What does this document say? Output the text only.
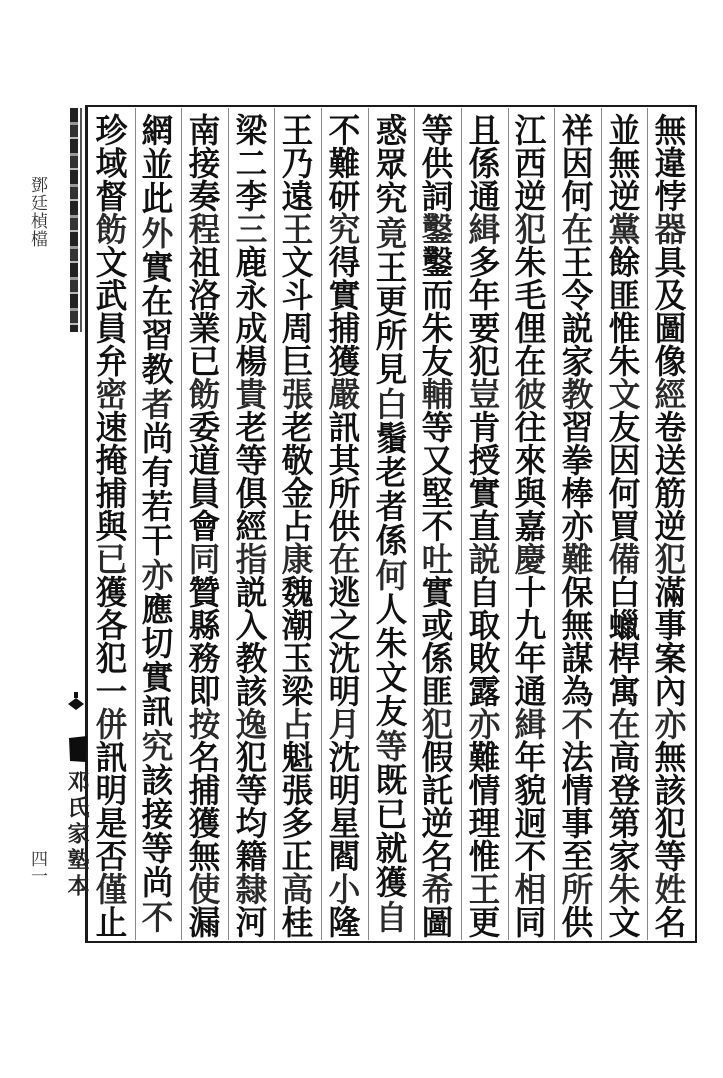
鄧廷楨檔
四一
無
違
悖
器
具
及
圖
像
經
卷
送
筋
逆
犯
滿
事
案
內
亦
無
該
犯
等
姓
名
並
無
逆
黨
餘
匪
惟
朱
文
友
因
何
買
備
白
蠟
桿
寓
在
高
登
第
家
朱
文
祥
因
何
在
王
令
説
家
教
習
拳
棒
亦
難
保
無
謀
為
不
法
情
事
至
所
供
江
西
逆
犯
朱
毛
俚
在
彼
往
來
與
嘉
慶
十
九
年
通
緝
年
貌
迥
不
相
同
且
係
通
緝
多
年
要
犯
豈
肯
授
實
直
説
自
取
敗
露
亦
難
情
理
惟
王
更
等
供
詞
鑿
鑿
而
朱
友
輔
等
又
堅
不
吐
實
或
係
匪
犯
假
託
逆
名
希
圖
惑
眾
究
竟
王
更
所
見
白
鬚
老
者
係
何
人
朱
文
友
等
既
已
就
獲
自
不
難
研
究
得
實
捕
獲
嚴
訊
其
所
供
在
逃
之
沈
明
月
沈
明
星
閻
小
隆
王
乃
遠
王
文
斗
周
巨
張
老
敬
金
占
康
魏
潮
玉
梁
占
魁
張
多
正
高
桂
梁
二
李
三
鹿
永
成
楊
貴
老
等
俱
經
指
説
入
教
該
逸
犯
等
均
籍
隸
河
南
接
奏
程
祖
洛
業
已
飭
委
道
員
會
同
贊
縣
務
即
按
名
捕
獲
無
使
漏
網
並
此
外
實
在
習
教
者
尚
有
若
干
亦
應
切
實
訊
究
該
接
等
尚
不
珍
域
督
飭
文
武
員
弁
密
速
掩
捕
與
已
獲
各
犯
一
併
訊
明
是
否
僅
止
邓氏家塾本
